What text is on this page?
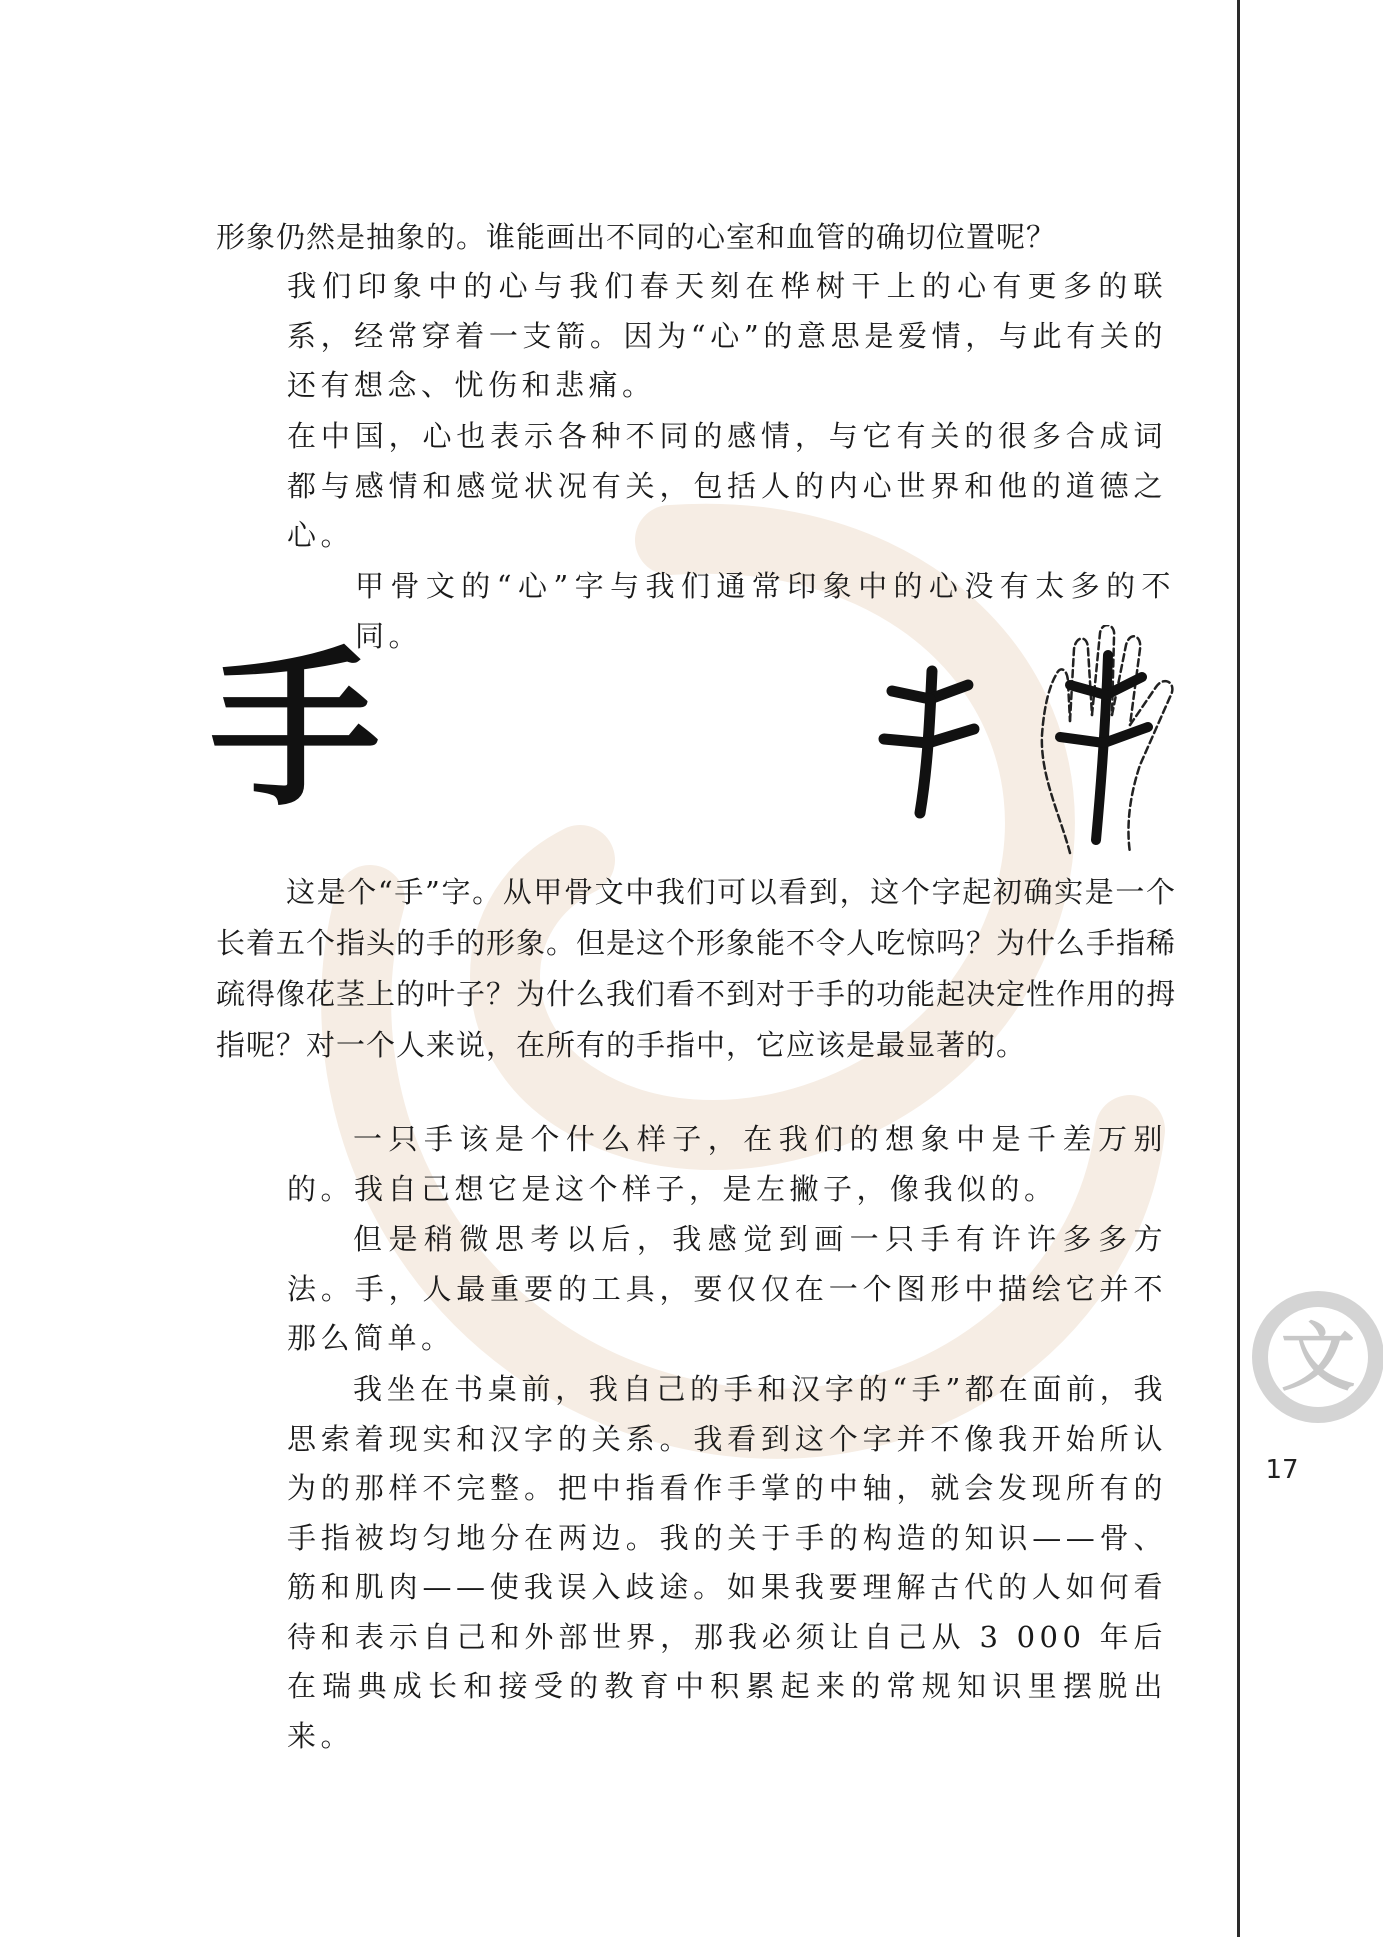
形象仍然是抽象的。谁能画出不同的心室和血管的确切位置呢？

我们印象中的心与我们春天刻在桦树干上的心有更多的联系，经常穿着一支箭。因为“心”的意思是爱情，与此有关的还有想念、忧伤和悲痛。

在中国，心也表示各种不同的感情，与它有关的很多合成词都与感情和感觉状况有关，包括人的内心世界和他的道德之心。

甲骨文的“心”字与我们通常印象中的心没有太多的不同。

手

这是个“手”字。从甲骨文中我们可以看到，这个字起初确实是一个长着五个指头的手的形象。但是这个形象能不令人吃惊吗？为什么手指稀疏得像花茎上的叶子？为什么我们看不到对于手的功能起决定性作用的拇指呢？对一个人来说，在所有的手指中，它应该是最显著的。

一只手该是个什么样子，在我们的想象中是千差万别的。我自己想它是这个样子，是左撇子，像我似的。

但是稍微思考以后，我感觉到画一只手有许许多多方法。手，人最重要的工具，要仅仅在一个图形中描绘它并不那么简单。

我坐在书桌前，我自己的手和汉字的“手”都在面前，我思索着现实和汉字的关系。我看到这个字并不像我开始所认为的那样不完整。把中指看作手掌的中轴，就会发现所有的手指被均匀地分在两边。我的关于手的构造的知识——骨、筋和肌肉——使我误入歧途。如果我要理解古代的人如何看待和表示自己和外部世界，那我必须让自己从 3 000 年后在瑞典成长和接受的教育中积累起来的常规知识里摆脱出来。

文
17
